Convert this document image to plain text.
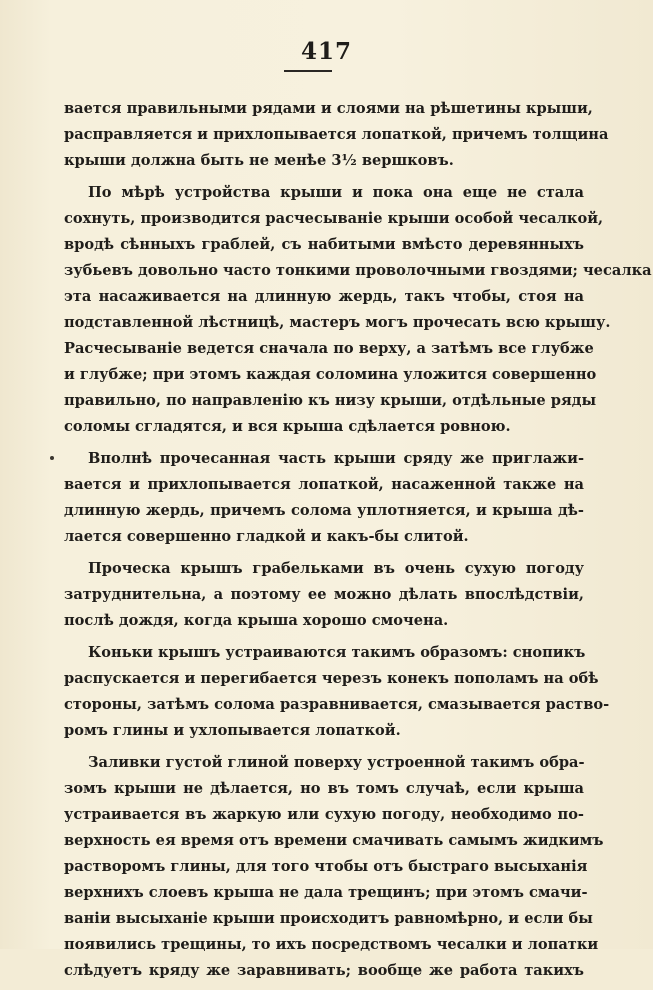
417
вается правильными рядами и слоями на рѣшетины крыши,
расправляется и прихлопывается лопаткой, причемъ толщина
крыши должна быть не менѣе 3½ вершковъ.
По мѣрѣ устройства крыши и пока она еще не стала
сохнуть, производится расчесываніе крыши особой чесалкой,
вродѣ сѣнныхъ граблей, съ набитыми вмѣсто деревянныхъ
зубьевъ довольно часто тонкими проволочными гвоздями; чесалка
эта насаживается на длинную жердь, такъ чтобы, стоя на
подставленной лѣстницѣ, мастеръ могъ прочесать всю крышу.
Расчесываніе ведется сначала по верху, а затѣмъ все глубже
и глубже; при этомъ каждая соломина уложится совершенно
правильно, по направленію къ низу крыши, отдѣльные ряды
соломы сгладятся, и вся крыша сдѣлается ровною.
Вполнѣ прочесанная часть крыши сряду же приглажи-
вается и прихлопывается лопаткой, насаженной также на
длинную жердь, причемъ солома уплотняется, и крыша дѣ-
лается совершенно гладкой и какъ-бы слитой.
Проческа крышъ грабельками въ очень сухую погоду
затруднительна, а поэтому ее можно дѣлать впослѣдствіи,
послѣ дождя, когда крыша хорошо смочена.
Коньки крышъ устраиваются такимъ образомъ: снопикъ
распускается и перегибается черезъ конекъ пополамъ на обѣ
стороны, затѣмъ солома разравнивается, смазывается раство-
ромъ глины и ухлопывается лопаткой.
Заливки густой глиной поверху устроенной такимъ обра-
зомъ крыши не дѣлается, но въ томъ случаѣ, если крыша
устраивается въ жаркую или сухую погоду, необходимо по-
верхность ея время отъ времени смачивать самымъ жидкимъ
растворомъ глины, для того чтобы отъ быстраго высыханія
верхнихъ слоевъ крыша не дала трещинъ; при этомъ смачи-
ваніи высыханіе крыши происходитъ равномѣрно, и если бы
появились трещины, то ихъ посредствомъ чесалки и лопатки
слѣдуетъ кряду же заравнивать; вообще же работа такихъ
